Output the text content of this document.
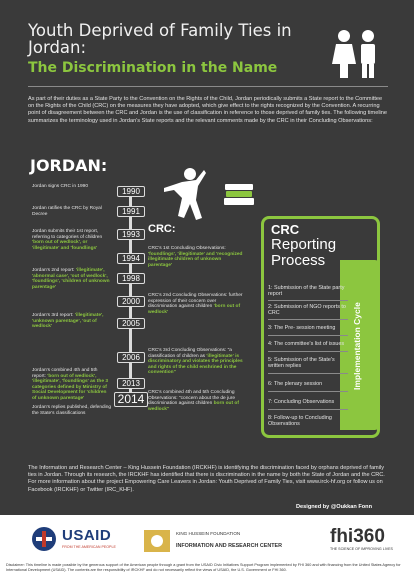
Youth Deprived of Family Ties in Jordan:
The Discrimination in the Name
As part of their duties as a State Party to the Convention on the Rights of the Child, Jordan periodically submits a State report to the Committee on the Rights of the Child (CRC) on the measures they have adopted, which give effect to the rights recognized by the Convention. A recurring point of disagreement between the CRC and Jordan is the use of classification in reference to those deprived of family ties. The following timeline summarizes the terminology used in Jordan's State reports and the relevant comments made by the CRC in their Concluding Observations:
JORDAN:
CRC:
1990
1991
1993
1994
1998
2000
2005
2006
2013
2014
Jordan signs CRC in 1990
Jordan ratifies the CRC by Royal Decree
Jordan submits their 1st report, referring to categories of children 'born out of wedlock', or 'illegitimate' and 'foundlings'
Jordan's 2nd report: 'illegitimate', 'abnormal case', 'out of wedlock', 'foundlings', 'children of unknown parentage'
Jordan's 3rd report: 'illegitimate', 'unknown parentage', 'out of wedlock'
Jordan's combined 4th and 5th report: 'born out of wedlock', 'illegitimate', 'foundlings' as the 3 categories defined by Ministry of Social Development for 'children of unknown parentage'
Jordan's replies published, defending the State's classifications
CRC's 1st Concluding Observations: 'foundlings', 'illegitimate' and 'recognized illegitimate children of unknown parentage'
CRC's 2nd Concluding Observations: further expression of their concern over discrimination against children 'born out of wedlock'
CRC's 3rd Concluding Observations: "a classification of children as 'illegitimate' is discriminatory and violates the principles and rights of the child enshrined in the convention"
CRC's combined 4th and 5th Concluding Observations: "concern about the de jure discrimination against children born out of wedlock"
Implementation Cycle
CRC
Reporting
Process
1: Submission of the State party report
2: Submission of NGO reports to CRC
3: The Pre- session meeting
4: The committee's list of issues
5: Submission of the State's written replies
6: The plenary session
7: Concluding Observations
8: Follow-up to Concluding Observations
The Information and Research Center – King Hussein Foundation (IRCKHF) is identifying the discrimination faced by orphans deprived of family ties in Jordan. Through its research, the IRCKHF has identified that there is discrimination in the name by both the State of Jordan and the CRC. For more information about the project Empowering Care Leavers in Jordan: Youth Deprived of Family Ties, visit www.irck-hf.org or follow us on Facebook (IRCKHF) or Twitter (IRC_KHF).
Designed by @Oukkan Fonn
USAID
FROM THE AMERICAN PEOPLE
KING HUSSEIN FOUNDATION
INFORMATION AND RESEARCH CENTER	fhi360
THE SCIENCE OF IMPROVING LIVES
Disclaimer: This timeline is made possible by the generous support of the American people through a grant from the USAID Civic Initiatives Support Program implemented by FHI 360 and with financing from the United States Agency for International Development (USAID). The contents are the responsibility of IRCKHF and do not necessarily reflect the views of USAID, the U.S. Government or FHI 360.
